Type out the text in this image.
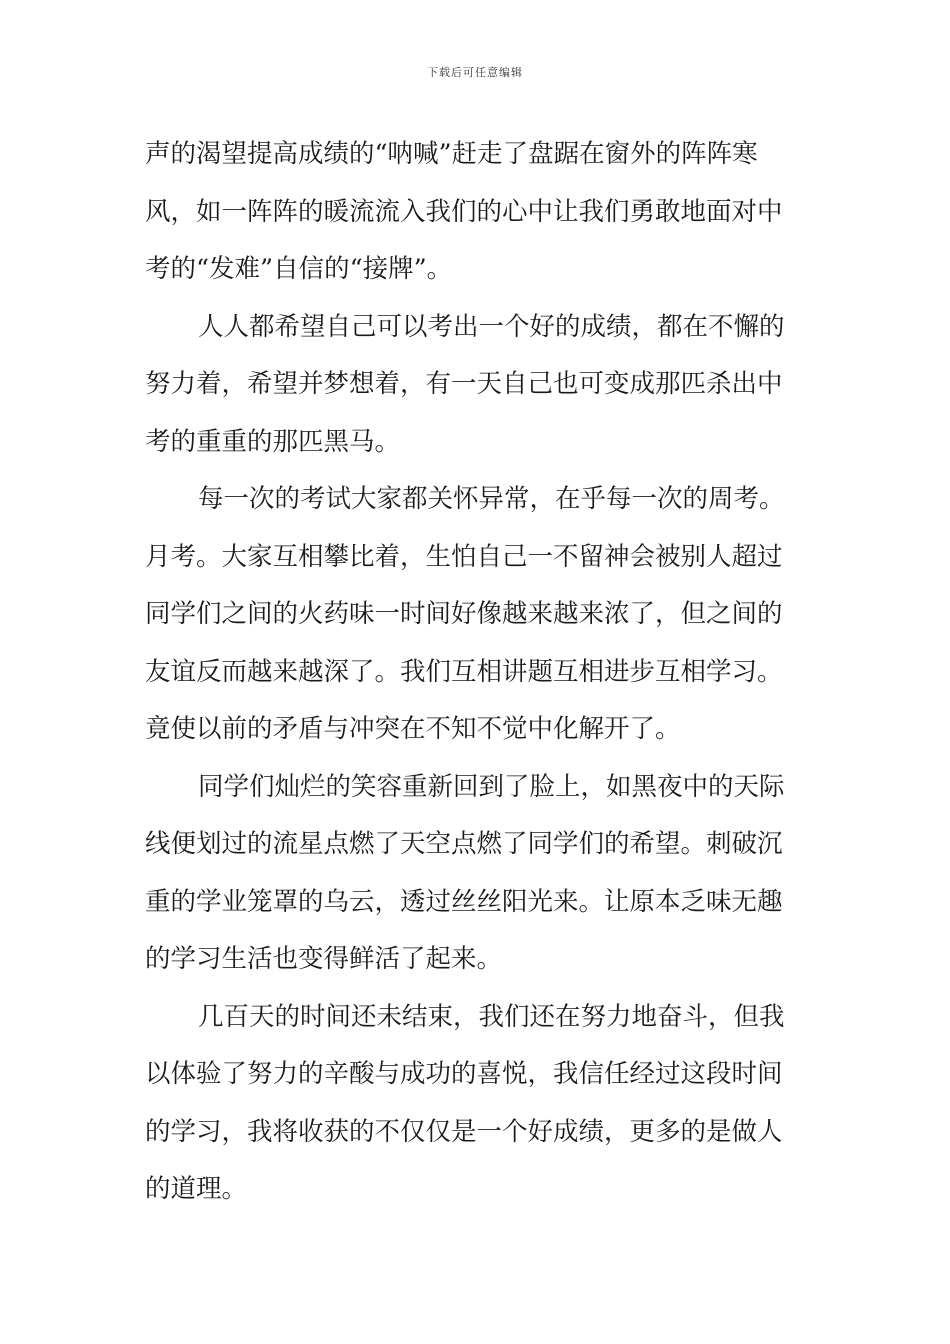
下载后可任意编辑
声的渴望提高成绩的“呐喊”赶走了盘踞在窗外的阵阵寒
风，如一阵阵的暖流流入我们的心中让我们勇敢地面对中
考的“发难”自信的“接牌”。
人人都希望自己可以考出一个好的成绩，都在不懈的
努力着，希望并梦想着，有一天自己也可变成那匹杀出中
考的重重的那匹黑马。
每一次的考试大家都关怀异常，在乎每一次的周考。
月考。大家互相攀比着，生怕自己一不留神会被别人超过
同学们之间的火药味一时间好像越来越来浓了，但之间的
友谊反而越来越深了。我们互相讲题互相进步互相学习。
竟使以前的矛盾与冲突在不知不觉中化解开了。
同学们灿烂的笑容重新回到了脸上，如黑夜中的天际
线便划过的流星点燃了天空点燃了同学们的希望。刺破沉
重的学业笼罩的乌云，透过丝丝阳光来。让原本乏味无趣
的学习生活也变得鲜活了起来。
几百天的时间还未结束，我们还在努力地奋斗，但我
以体验了努力的辛酸与成功的喜悦，我信任经过这段时间
的学习，我将收获的不仅仅是一个好成绩，更多的是做人
的道理。
